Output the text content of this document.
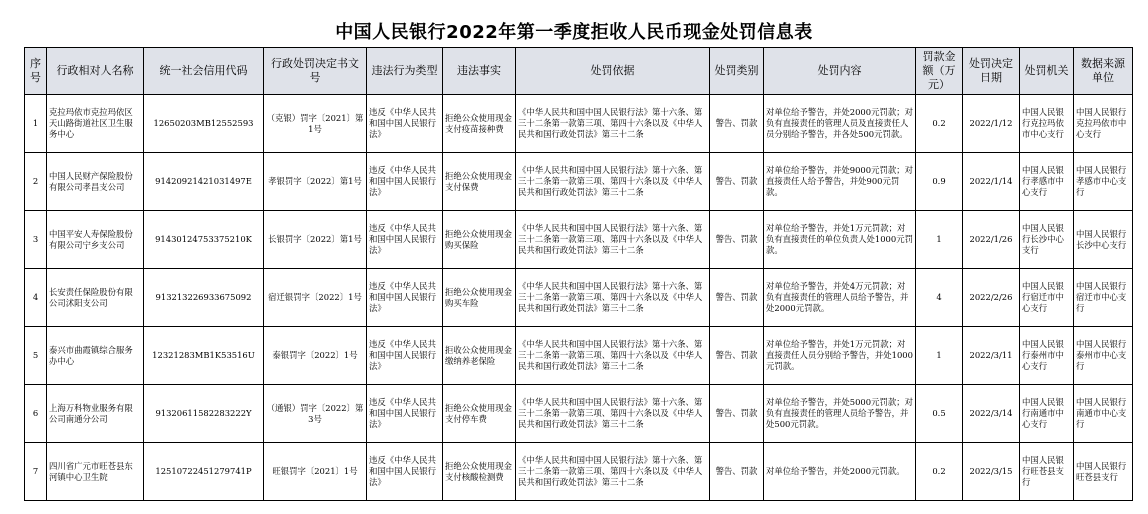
中国人民银行2022年第一季度拒收人民币现金处罚信息表
序号	行政相对人名称	统一社会信用代码	行政处罚决定书文号	违法行为类型	违法事实	处罚依据	处罚类别	处罚内容	罚款金额（万元）	处罚决定日期	处罚机关	数据来源单位
1	克拉玛依市克拉玛依区天山路街道社区卫生服务中心	12650203MB12552593	（克银）罚字〔2021〕第1号	违反《中华人民共和国中国人民银行法》	拒绝公众使用现金支付疫苗接种费	《中华人民共和国中国人民银行法》第十六条、第三十二条第一款第三项、第四十六条以及《中华人民共和国行政处罚法》第三十二条	警告、罚款	对单位给予警告，并处2000元罚款；对负有直接责任的管理人员及直接责任人员分别给予警告，并各处500元罚款。	0.2	2022/1/12	中国人民银行克拉玛依市中心支行	中国人民银行克拉玛依市中心支行
2	中国人民财产保险股份有限公司孝昌支公司	91420921421031497E	孝银罚字〔2022〕第1号	违反《中华人民共和国中国人民银行法》	拒绝公众使用现金支付保费	《中华人民共和国中国人民银行法》第十六条、第三十二条第一款第三项、第四十六条以及《中华人民共和国行政处罚法》第三十二条	警告、罚款	对单位给予警告，并处9000元罚款；对直接责任人给予警告，并处900元罚款。	0.9	2022/1/14	中国人民银行孝感市中心支行	中国人民银行孝感市中心支行
3	中国平安人寿保险股份有限公司宁乡支公司	91430124753375210K	长银罚字〔2022〕第1号	违反《中华人民共和国中国人民银行法》	拒绝公众使用现金购买保险	《中华人民共和国中国人民银行法》第十六条、第三十二条第一款第三项、第四十六条以及《中华人民共和国行政处罚法》第三十二条	警告、罚款	对单位给予警告，并处1万元罚款；对负有直接责任的单位负责人处1000元罚款。	1	2022/1/26	中国人民银行长沙中心支行	中国人民银行长沙中心支行
4	长安责任保险股份有限公司沭阳支公司	913213226933675092	宿迁银罚字〔2022〕1号	违反《中华人民共和国中国人民银行法》	拒绝公众使用现金购买车险	《中华人民共和国中国人民银行法》第十六条、第三十二条第一款第三项、第四十六条以及《中华人民共和国行政处罚法》第三十二条	警告、罚款	对单位给予警告，并处4万元罚款；对负有直接责任的管理人员给予警告，并处2000元罚款。	4	2022/2/26	中国人民银行宿迁市中心支行	中国人民银行宿迁市中心支行
5	泰兴市曲霞镇综合服务办中心	12321283MB1K53516U	泰银罚字〔2022〕1号	违反《中华人民共和国中国人民银行法》	拒收公众使用现金缴纳养老保险	《中华人民共和国中国人民银行法》第十六条、第三十二条第一款第三项、第四十六条以及《中华人民共和国行政处罚法》第三十二条	警告、罚款	对单位给予警告，并处1万元罚款；对直接责任人员分别给予警告，并处1000元罚款。	1	2022/3/11	中国人民银行泰州市中心支行	中国人民银行泰州市中心支行
6	上海万科物业服务有限公司南通分公司	91320611582283222Y	（通银）罚字〔2022〕第3号	违反《中华人民共和国中国人民银行法》	拒绝公众使用现金支付停车费	《中华人民共和国中国人民银行法》第十六条、第三十二条第一款第三项、第四十六条以及《中华人民共和国行政处罚法》第三十二条	警告、罚款	对单位给予警告，并处5000元罚款；对负有直接责任的管理人员给予警告，并处500元罚款。	0.5	2022/3/14	中国人民银行南通市中心支行	中国人民银行南通市中心支行
7	四川省广元市旺苍县东河镇中心卫生院	12510722451279741P	旺银罚字〔2021〕1号	违反《中华人民共和国中国人民银行法》	拒绝公众使用现金支付核酸检测费	《中华人民共和国中国人民银行法》第十六条、第三十二条第一款第三项、第四十六条以及《中华人民共和国行政处罚法》第三十二条	警告、罚款	对单位给予警告，并处2000元罚款。	0.2	2022/3/15	中国人民银行旺苍县支行	中国人民银行旺苍县支行
